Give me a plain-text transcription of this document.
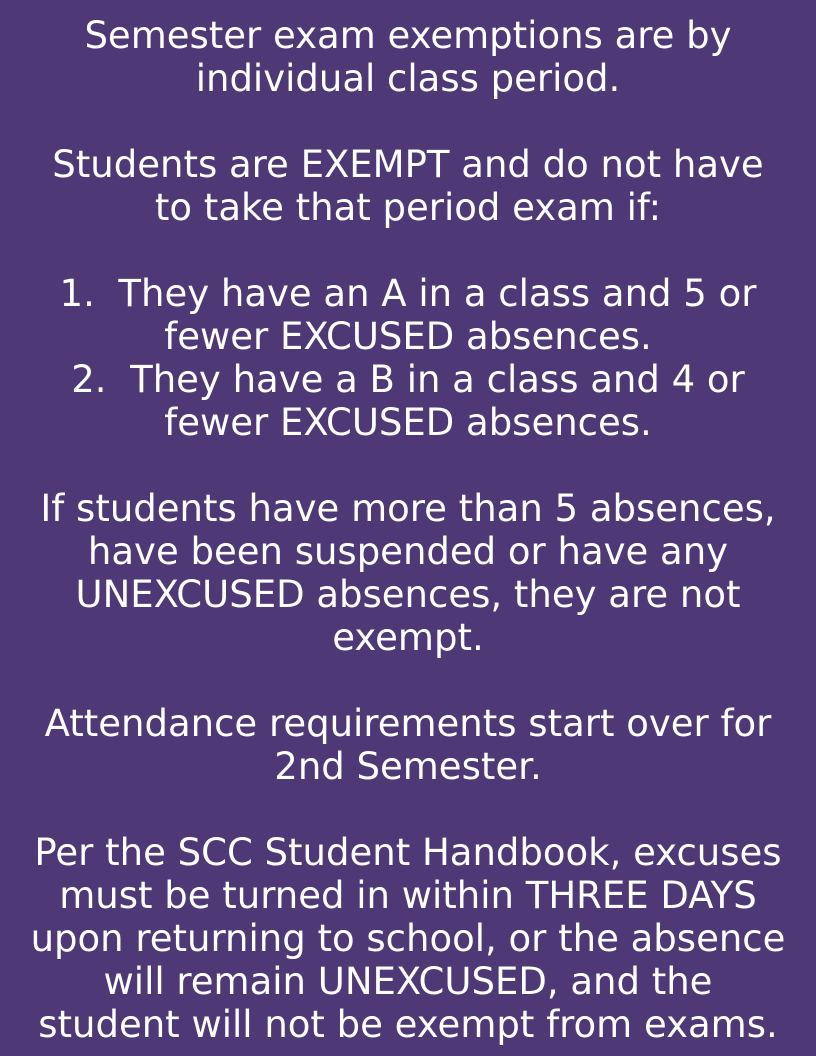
Semester exam exemptions are by

individual class period.

Students are EXEMPT and do not have

to take that period exam if:

1. They have an A in a class and 5 or

fewer EXCUSED absences.

2. They have a B in a class and 4 or

fewer EXCUSED absences.

If students have more than 5 absences,

have been suspended or have any

UNEXCUSED absences, they are not

exempt.

Attendance requirements start over for

2nd Semester.

Per the SCC Student Handbook, excuses

must be turned in within THREE DAYS

upon returning to school, or the absence

will remain UNEXCUSED, and the

student will not be exempt from exams.
